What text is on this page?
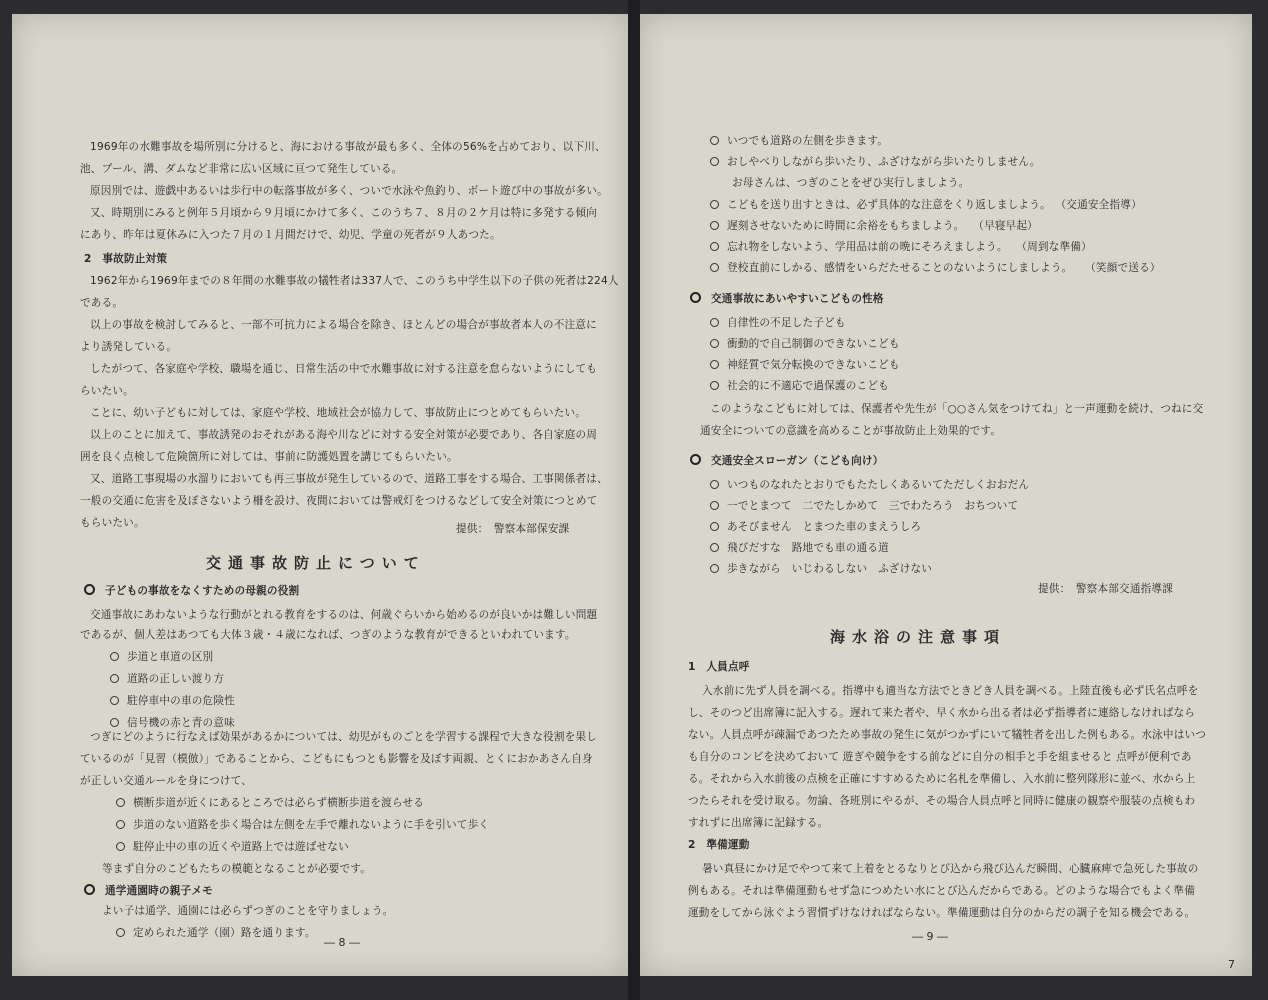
1969年の水難事故を場所別に分けると、海における事故が最も多く、全体の56%を占めており、以下川、
池、プール、溝、ダムなど非常に広い区域に亘つて発生している。
原因別では、遊戯中あるいは歩行中の転落事故が多く、ついで水泳や魚釣り、ボート遊び中の事故が多い。
又、時期別にみると例年５月頃から９月頃にかけて多く、このうち７、８月の２ケ月は特に多発する傾向
にあり、昨年は夏休みに入つた７月の１月間だけで、幼児、学童の死者が９人あつた。
2　事故防止対策
1962年から1969年までの８年間の水難事故の犠牲者は337人で、このうち中学生以下の子供の死者は224人
である。
以上の事故を検討してみると、一部不可抗力による場合を除き、ほとんどの場合が事故者本人の不注意に
より誘発している。
したがつて、各家庭や学校、職場を通じ、日常生活の中で水難事故に対する注意を怠らないようにしても
らいたい。
ことに、幼い子どもに対しては、家庭や学校、地域社会が協力して、事故防止につとめてもらいたい。
以上のことに加えて、事故誘発のおそれがある海や川などに対する安全対策が必要であり、各自家庭の周
囲を良く点検して危険箇所に対しては、事前に防護処置を講じてもらいたい。
又、道路工事現場の水溜りにおいても再三事故が発生しているので、道路工事をする場合、工事関係者は、
一般の交通に危害を及ぼさないよう柵を設け、夜間においては警戒灯をつけるなどして安全対策につとめて
もらいたい。	提供：　警察本部保安課
交通事故防止について
子どもの事故をなくすための母親の役割
交通事故にあわないような行動がとれる教育をするのは、何歳ぐらいから始めるのが良いかは難しい問題
であるが、個人差はあつても大体３歳・４歳になれば、つぎのような教育ができるといわれています。
歩道と車道の区別
道路の正しい渡り方
駐停車中の車の危険性
信号機の赤と青の意味
つぎにどのように行なえば効果があるかについては、幼児がものごとを学習する課程で大きな役割を果し
ているのが「見習（模倣）」であることから、こどもにもつとも影響を及ぼす両親、とくにおかあさん自身
が正しい交通ルールを身につけて、
横断歩道が近くにあるところでは必らず横断歩道を渡らせる
歩道のない道路を歩く場合は左側を左手で離れないように手を引いて歩く
駐停止中の車の近くや道路上では遊ばせない
等まず自分のこどもたちの模範となることが必要です。
通学通園時の親子メモ
よい子は通学、通園には必らずつぎのことを守りましょう。
定められた通学（園）路を通ります。
― 8 ―
いつでも道路の左側を歩きます。
おしやべりしながら歩いたり、ふざけながら歩いたりしません。
お母さんは、つぎのことをぜひ実行しましよう。
こどもを送り出すときは、必ず具体的な注意をくり返しましよう。 （交通安全指導）
遅刻させないために時間に余裕をもちましよう。 （早寝早起）
忘れ物をしないよう、学用品は前の晩にそろえましよう。 （周到な準備）
登校直前にしかる、感情をいらだたせることのないようにしましよう。 （笑顔で送る）
交通事故にあいやすいこどもの性格
自律性の不足した子ども
衝動的で自己制御のできないこども
神経質で気分転換のできないこども
社会的に不適応で過保護のこども
このようなこどもに対しては、保護者や先生が「○○さん気をつけてね」と一声運動を続け、つねに交
通安全についての意識を高めることが事故防止上効果的です。
交通安全スローガン（こども向け）
いつものなれたとおりでもたたしくあるいてただしくおおだん
一でとまつて　二でたしかめて　三でわたろう　おちついて
あそびません　とまつた車のまえうしろ
飛びだすな　路地でも車の通る道
歩きながら　いじわるしない　ふざけない
提供：　警察本部交通指導課
海水浴の注意事項
1　人員点呼
入水前に先ず人員を調べる。指導中も適当な方法でときどき人員を調べる。上陸直後も必ず氏名点呼を
し、そのつど出席簿に記入する。遅れて来た者や、早く水から出る者は必ず指導者に連絡しなければなら
ない。人員点呼が疎漏であつたため事故の発生に気がつかずにいて犠牲者を出した例もある。水泳中はいつ
も自分のコンビを決めておいて 遊ぎや競争をする前などに自分の相手と手を組ませると 点呼が便利であ
る。それから入水前後の点検を正確にすすめるために名札を準備し、入水前に整列隊形に並べ、水から上
つたらそれを受け取る。勿論、各班別にやるが、その場合人員点呼と同時に健康の観察や服装の点検もわ
すれずに出席簿に記録する。
2　準備運動
暑い真昼にかけ足でやつて来て上着をとるなりとび込から飛び込んだ瞬間、心臓麻痺で急死した事故の
例もある。それは準備運動もせず急につめたい水にとび込んだからである。どのような場合でもよく準備
運動をしてから泳ぐよう習慣ずけなければならない。準備運動は自分のからだの調子を知る機会である。
― 9 ―
7
